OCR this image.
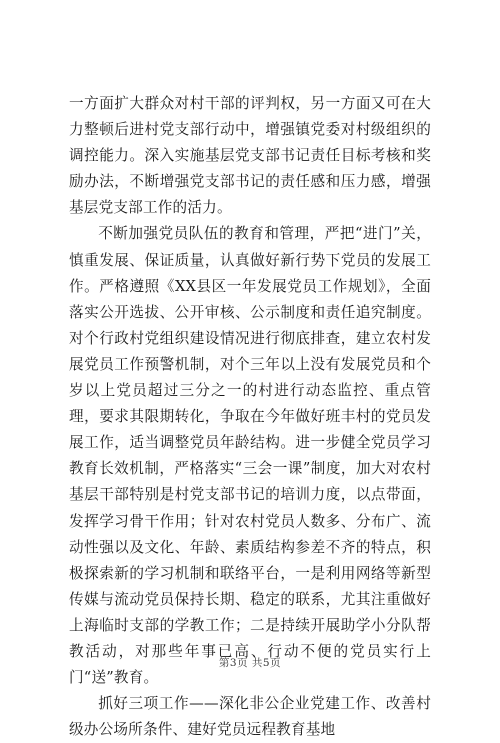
一方面扩大群众对村干部的评判权，另一方面又可在大力整顿后进村党支部行动中，增强镇党委对村级组织的调控能力。深入实施基层党支部书记责任目标考核和奖励办法，不断增强党支部书记的责任感和压力感，增强基层党支部工作的活力。

不断加强党员队伍的教育和管理，严把“进门”关，慎重发展、保证质量，认真做好新行势下党员的发展工作。严格遵照《XX县区一年发展党员工作规划》，全面落实公开选拔、公开审核、公示制度和责任追究制度。对个行政村党组织建设情况进行彻底排查，建立农村发展党员工作预警机制，对个三年以上没有发展党员和个岁以上党员超过三分之一的村进行动态监控、重点管理，要求其限期转化，争取在今年做好班丰村的党员发展工作，适当调整党员年龄结构。进一步健全党员学习教育长效机制，严格落实“三会一课”制度，加大对农村基层干部特别是村党支部书记的培训力度，以点带面，发挥学习骨干作用；针对农村党员人数多、分布广、流动性强以及文化、年龄、素质结构参差不齐的特点，积极探索新的学习机制和联络平台，一是利用网络等新型传媒与流动党员保持长期、稳定的联系，尤其注重做好上海临时支部的学教工作；二是持续开展助学小分队帮教活动，对那些年事已高、行动不便的党员实行上门“送”教育。

抓好三项工作——深化非公企业党建工作、改善村级办公场所条件、建好党员远程教育基地

第3页 共5页
